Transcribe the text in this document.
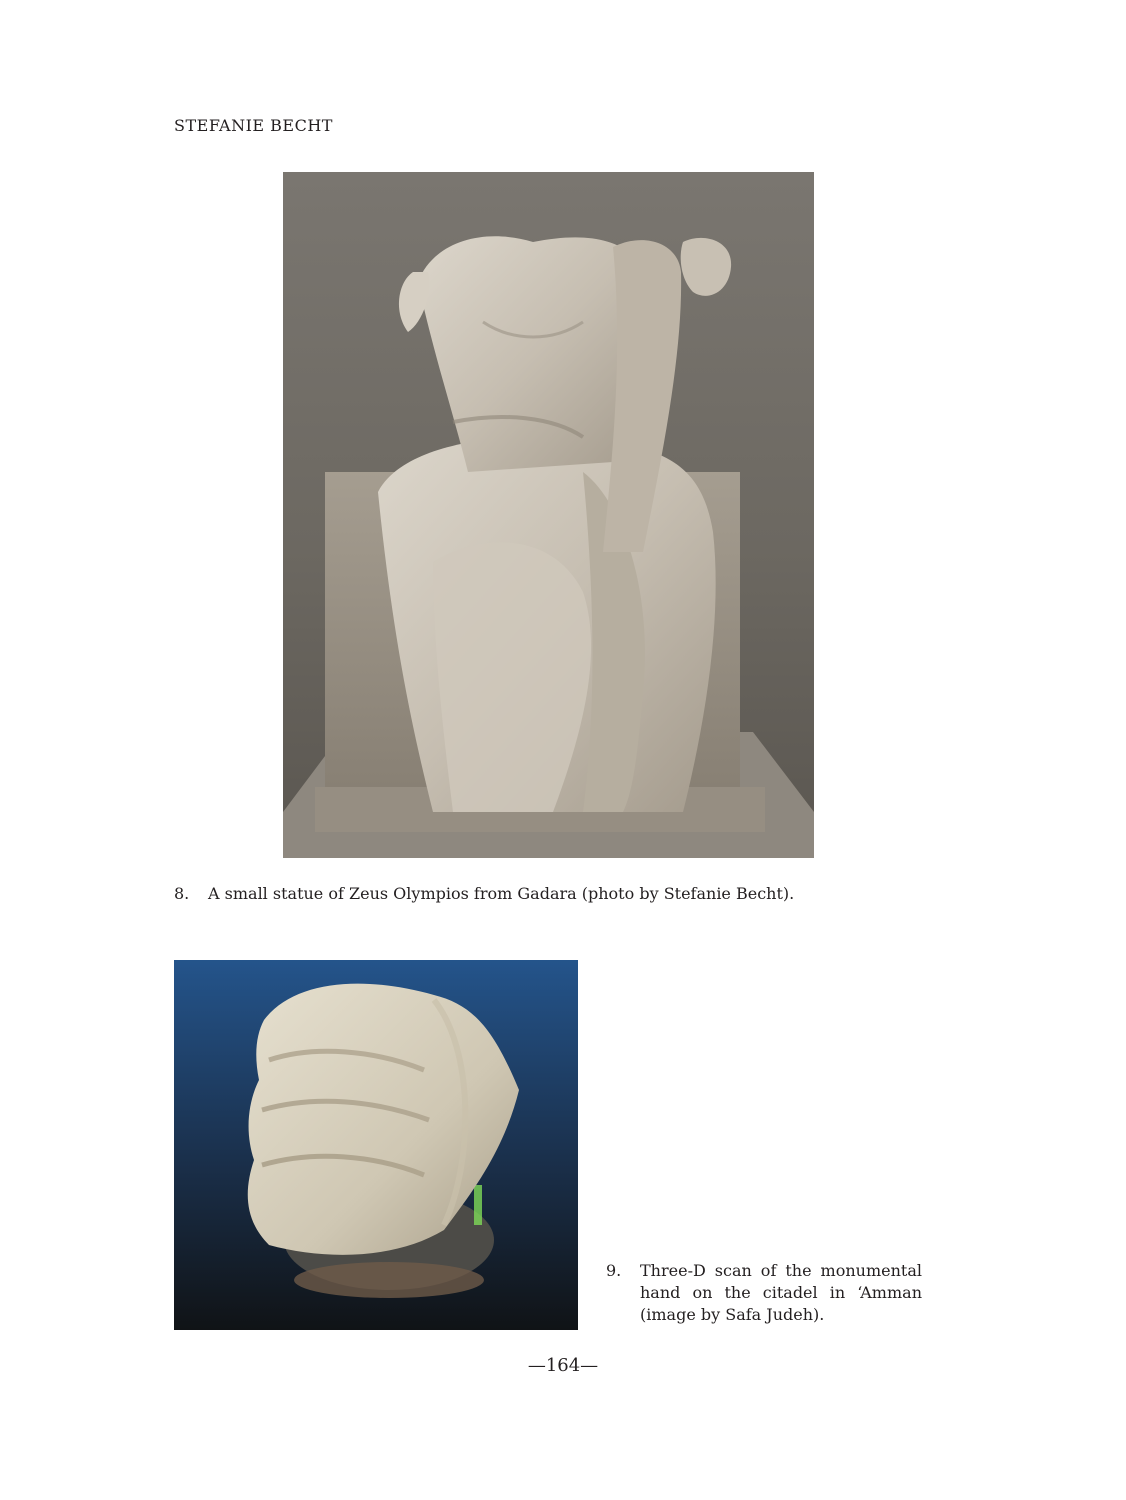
STEFANIE BECHT
8. A small statue of Zeus Olympios from Gadara (photo by Stefanie Becht).
9. Three-D scan of the monumental hand on the citadel in ‘Amman (image by Safa Judeh).
—164—
